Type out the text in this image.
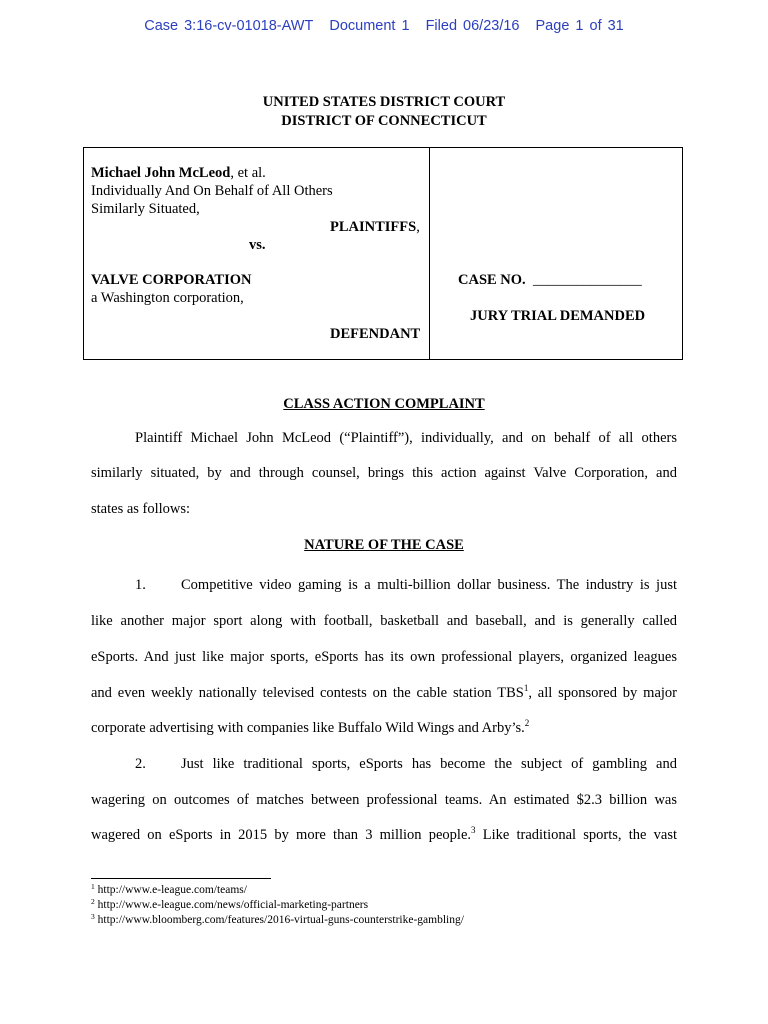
Case 3:16-cv-01018-AWT Document 1 Filed 06/23/16 Page 1 of 31
UNITED STATES DISTRICT COURT
DISTRICT OF CONNECTICUT
Michael John McLeod, et al.
Individually And On Behalf of All Others
Similarly Situated,
PLAINTIFFS,
vs.
VALVE CORPORATION
a Washington corporation,
DEFENDANT
CASE NO. _______________
JURY TRIAL DEMANDED
CLASS ACTION COMPLAINT
Plaintiff Michael John McLeod (“Plaintiff”), individually, and on behalf of all others
similarly situated, by and through counsel, brings this action against Valve Corporation, and
states as follows:
NATURE OF THE CASE
1. Competitive video gaming is a multi-billion dollar business. The industry is just
like another major sport along with football, basketball and baseball, and is generally called
eSports. And just like major sports, eSports has its own professional players, organized leagues
and even weekly nationally televised contests on the cable station TBS$^1$, all sponsored by major
corporate advertising with companies like Buffalo Wild Wings and Arby’s.$^2$
2. Just like traditional sports, eSports has become the subject of gambling and
wagering on outcomes of matches between professional teams. An estimated $2.3 billion was
wagered on eSports in 2015 by more than 3 million people.$^3$ Like traditional sports, the vast
$^1$ http://www.e-league.com/teams/
$^2$ http://www.e-league.com/news/official-marketing-partners
$^3$ http://www.bloomberg.com/features/2016-virtual-guns-counterstrike-gambling/
